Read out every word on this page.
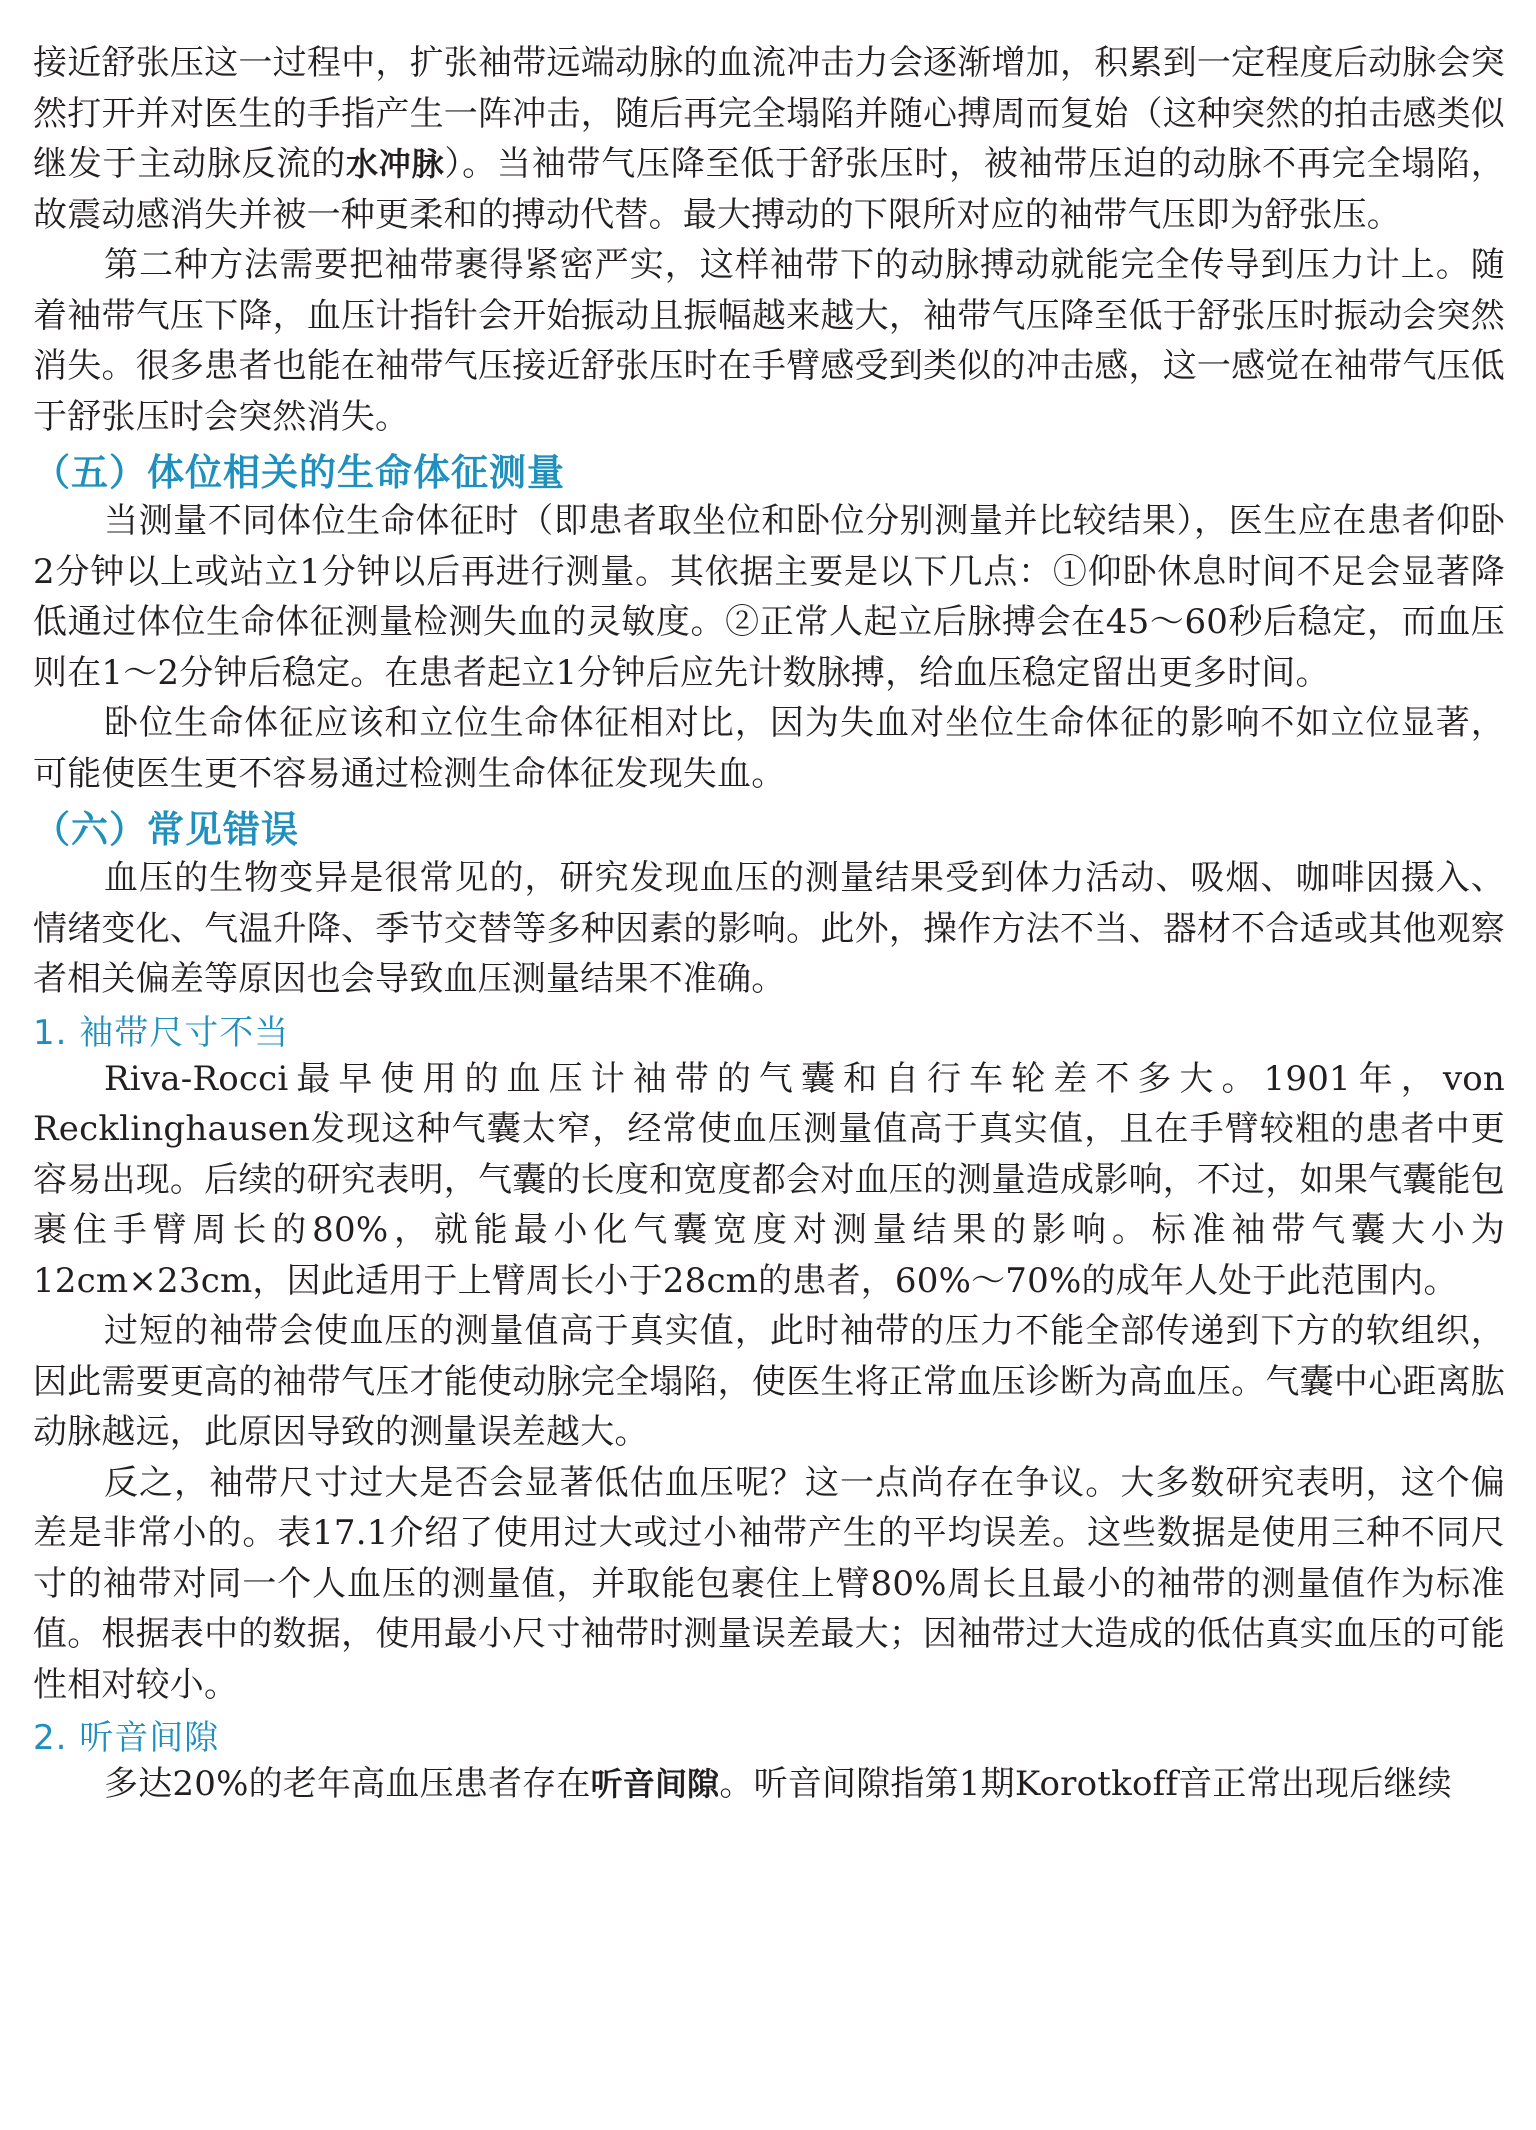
接近舒张压这一过程中，扩张袖带远端动脉的血流冲击力会逐渐增加，积累到一定程度后动脉会突然打开并对医生的手指产生一阵冲击，随后再完全塌陷并随心搏周而复始（这种突然的拍击感类似继发于主动脉反流的水冲脉）。当袖带气压降至低于舒张压时，被袖带压迫的动脉不再完全塌陷，故震动感消失并被一种更柔和的搏动代替。最大搏动的下限所对应的袖带气压即为舒张压。

第二种方法需要把袖带裹得紧密严实，这样袖带下的动脉搏动就能完全传导到压力计上。随着袖带气压下降，血压计指针会开始振动且振幅越来越大，袖带气压降至低于舒张压时振动会突然消失。很多患者也能在袖带气压接近舒张压时在手臂感受到类似的冲击感，这一感觉在袖带气压低于舒张压时会突然消失。

（五）体位相关的生命体征测量

当测量不同体位生命体征时（即患者取坐位和卧位分别测量并比较结果），医生应在患者仰卧2分钟以上或站立1分钟以后再进行测量。其依据主要是以下几点：①仰卧休息时间不足会显著降低通过体位生命体征测量检测失血的灵敏度。②正常人起立后脉搏会在45～60秒后稳定，而血压则在1～2分钟后稳定。在患者起立1分钟后应先计数脉搏，给血压稳定留出更多时间。

卧位生命体征应该和立位生命体征相对比，因为失血对坐位生命体征的影响不如立位显著，可能使医生更不容易通过检测生命体征发现失血。

（六）常见错误

血压的生物变异是很常见的，研究发现血压的测量结果受到体力活动、吸烟、咖啡因摄入、情绪变化、气温升降、季节交替等多种因素的影响。此外，操作方法不当、器材不合适或其他观察者相关偏差等原因也会导致血压测量结果不准确。

1. 袖带尺寸不当

Riva-Rocci最早使用的血压计袖带的气囊和自行车轮差不多大。1901年，von Recklinghausen发现这种气囊太窄，经常使血压测量值高于真实值，且在手臂较粗的患者中更容易出现。后续的研究表明，气囊的长度和宽度都会对血压的测量造成影响，不过，如果气囊能包裹住手臂周长的80%，就能最小化气囊宽度对测量结果的影响。标准袖带气囊大小为12cm×23cm，因此适用于上臂周长小于28cm的患者，60%～70%的成年人处于此范围内。

过短的袖带会使血压的测量值高于真实值，此时袖带的压力不能全部传递到下方的软组织，因此需要更高的袖带气压才能使动脉完全塌陷，使医生将正常血压诊断为高血压。气囊中心距离肱动脉越远，此原因导致的测量误差越大。

反之，袖带尺寸过大是否会显著低估血压呢？这一点尚存在争议。大多数研究表明，这个偏差是非常小的。表17.1介绍了使用过大或过小袖带产生的平均误差。这些数据是使用三种不同尺寸的袖带对同一个人血压的测量值，并取能包裹住上臂80%周长且最小的袖带的测量值作为标准值。根据表中的数据，使用最小尺寸袖带时测量误差最大；因袖带过大造成的低估真实血压的可能性相对较小。

2. 听音间隙

多达20%的老年高血压患者存在听音间隙。听音间隙指第1期Korotkoff音正常出现后继续
